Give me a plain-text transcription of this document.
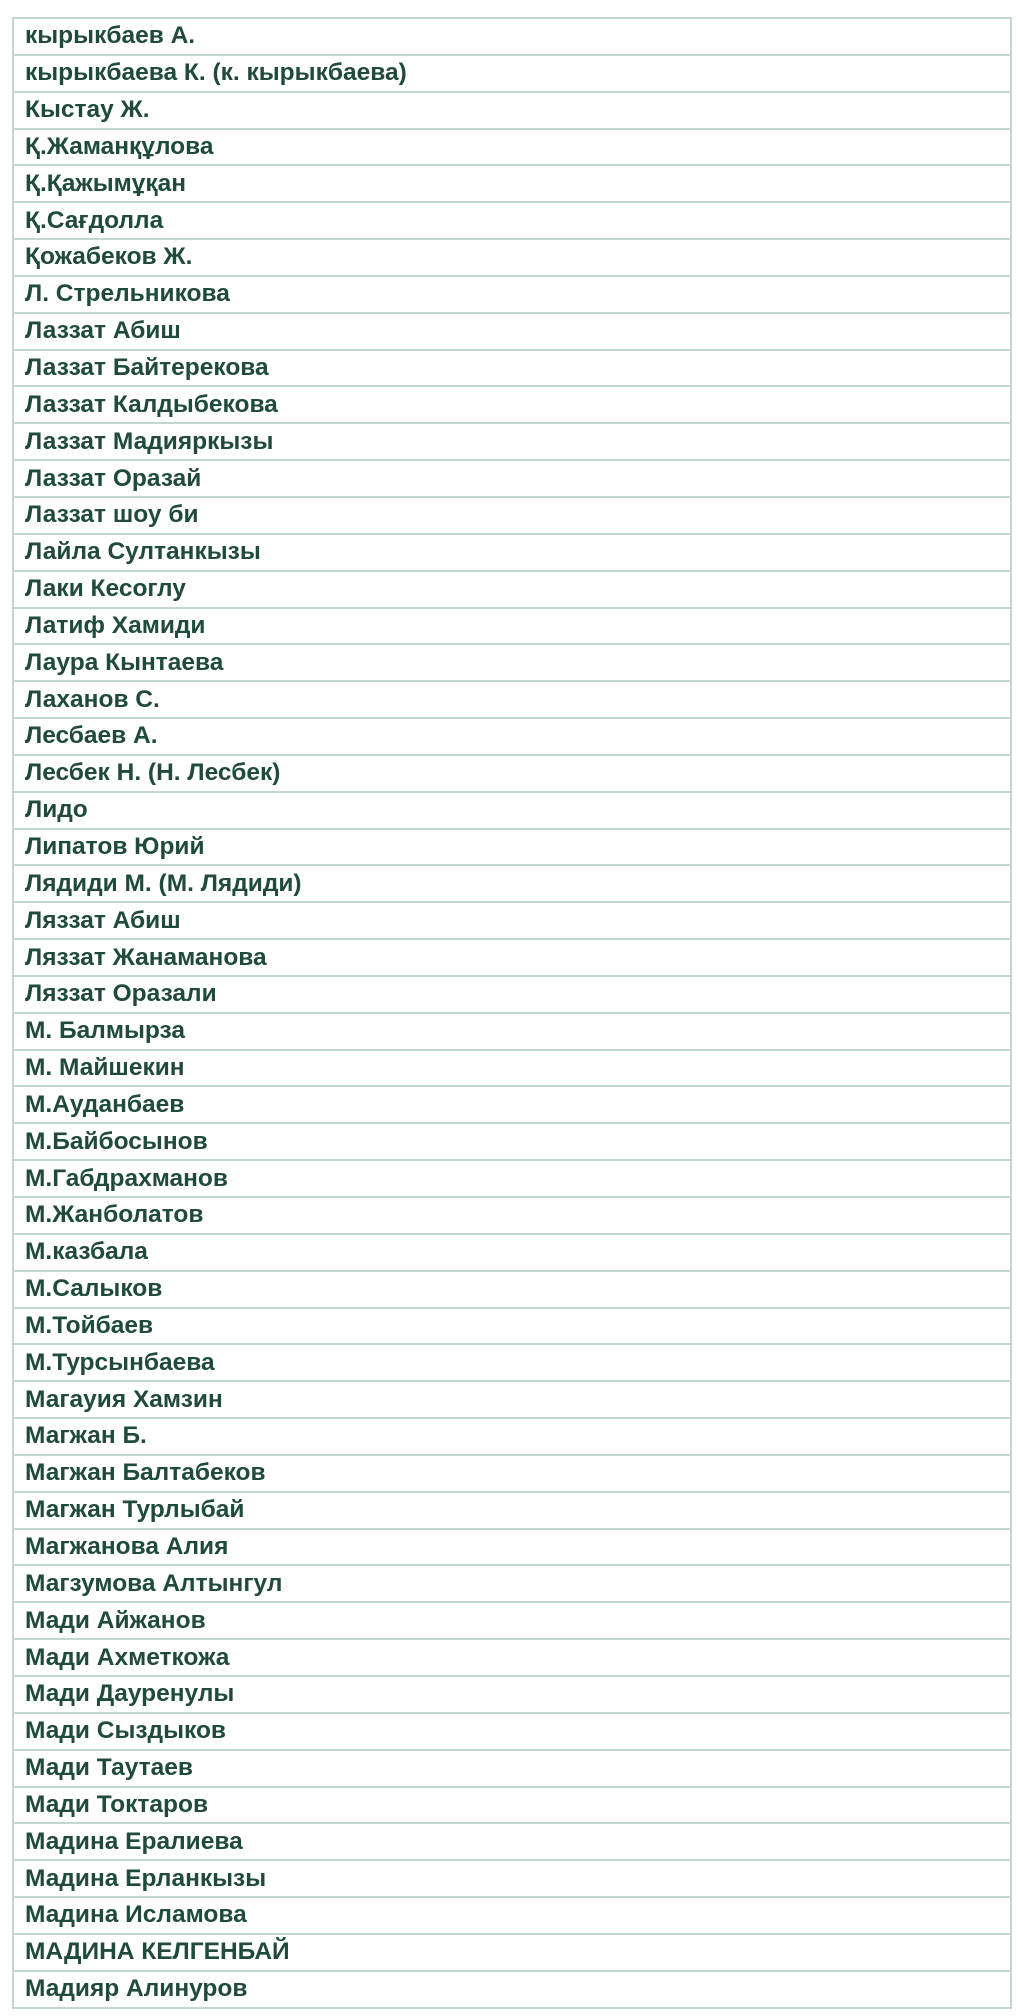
кырыкбаев А.
кырыкбаева К. (к. кырыкбаева)
Кыстау Ж.
Қ.Жаманқұлова
Қ.Қажымұқан
Қ.Сағдолла
Қожабеков Ж.
Л. Стрельникова
Лаззат Абиш
Лаззат Байтерекова
Лаззат Калдыбекова
Лаззат Мадияркызы
Лаззат Оразай
Лаззат шоу би
Лайла Султанкызы
Лаки Кесоглу
Латиф Хамиди
Лаура Кынтаева
Лаханов С.
Лесбаев А.
Лесбек Н. (Н. Лесбек)
Лидо
Липатов Юрий
Лядиди М. (М. Лядиди)
Ляззат Абиш
Ляззат Жанаманова
Ляззат Оразали
М. Балмырза
М. Майшекин
М.Ауданбаев
М.Байбосынов
М.Габдрахманов
М.Жанболатов
М.казбала
М.Салыков
М.Тойбаев
М.Турсынбаева
Магауия Хамзин
Магжан Б.
Магжан Балтабеков
Магжан Турлыбай
Магжанова Алия
Магзумова Алтынгул
Мади Айжанов
Мади Ахметкожа
Мади Дауренулы
Мади Сыздыков
Мади Таутаев
Мади Токтаров
Мадина Ералиева
Мадина Ерланкызы
Мадина Исламова
МАДИНА КЕЛГЕНБАЙ
Мадияр Алинуров
